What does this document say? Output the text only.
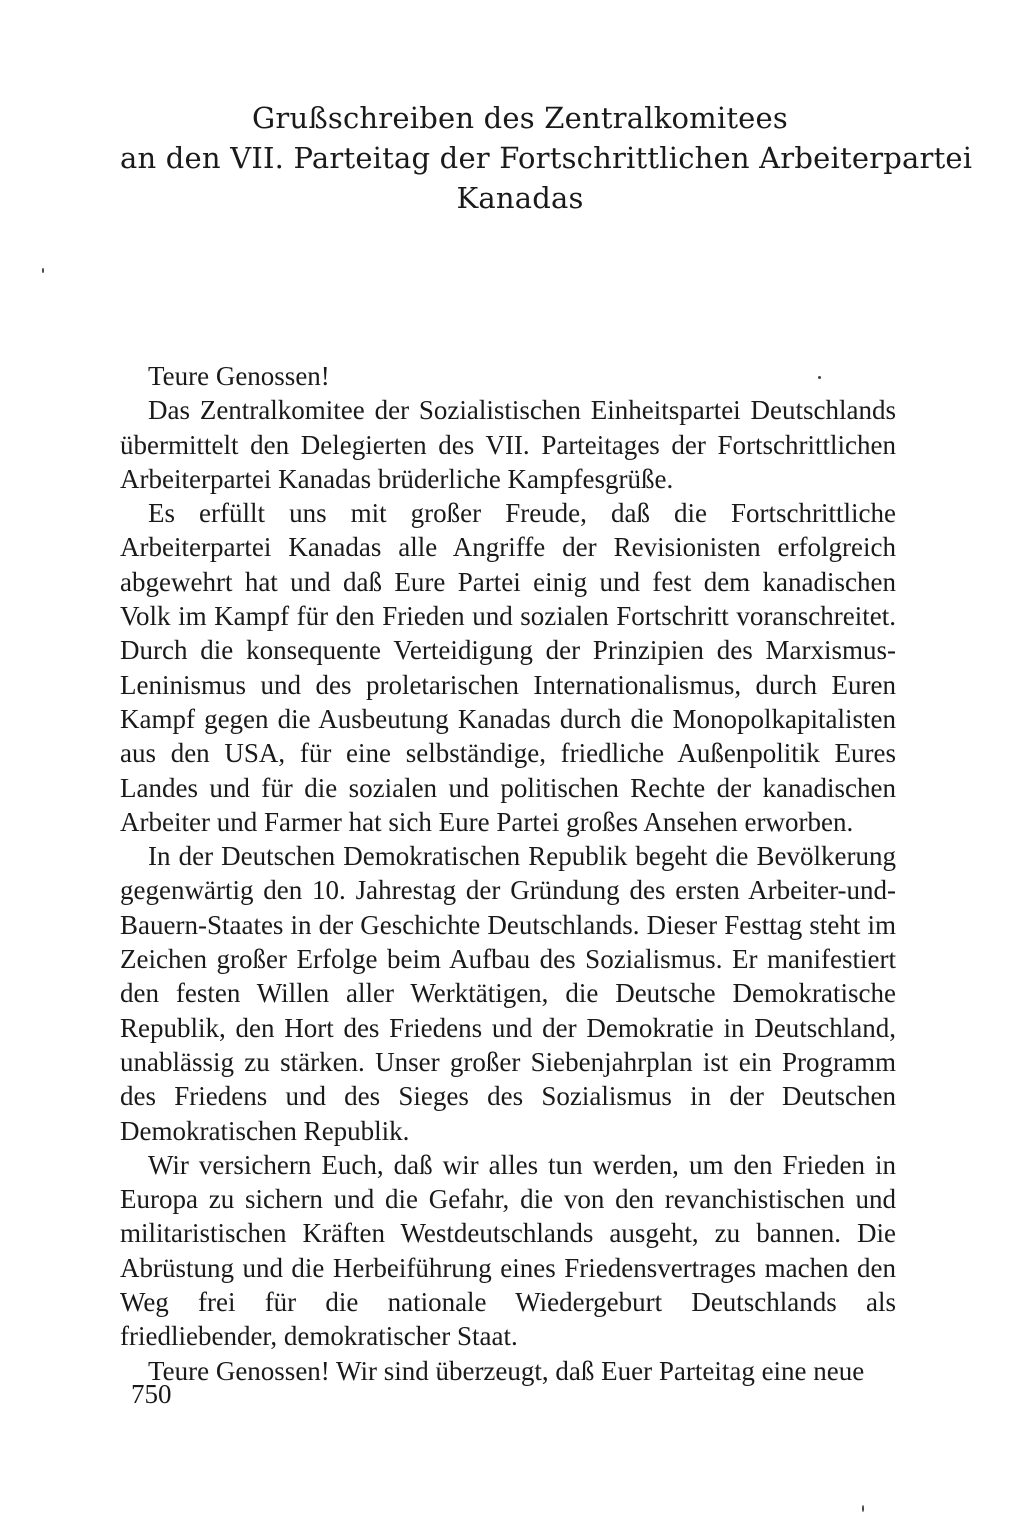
Grußschreiben des Zentralkomitees
an den VII. Parteitag der Fortschrittlichen Arbeiterpartei
Kanadas

Teure Genossen!

Das Zentralkomitee der Sozialistischen Einheitspartei Deutschlands übermittelt den Delegierten des VII. Parteitages der Fortschrittlichen Arbeiterpartei Kanadas brüderliche Kampfesgrüße.

Es erfüllt uns mit großer Freude, daß die Fortschrittliche Arbeiterpartei Kanadas alle Angriffe der Revisionisten erfolgreich abgewehrt hat und daß Eure Partei einig und fest dem kanadischen Volk im Kampf für den Frieden und sozialen Fortschritt voranschreitet. Durch die konsequente Verteidigung der Prinzipien des Marxismus-Leninismus und des proletarischen Internationalismus, durch Euren Kampf gegen die Ausbeutung Kanadas durch die Monopolkapitalisten aus den USA, für eine selbständige, friedliche Außenpolitik Eures Landes und für die sozialen und politischen Rechte der kanadischen Arbeiter und Farmer hat sich Eure Partei großes Ansehen erworben.

In der Deutschen Demokratischen Republik begeht die Bevölkerung gegenwärtig den 10. Jahrestag der Gründung des ersten Arbeiter-und-Bauern-Staates in der Geschichte Deutschlands. Dieser Festtag steht im Zeichen großer Erfolge beim Aufbau des Sozialismus. Er manifestiert den festen Willen aller Werktätigen, die Deutsche Demokratische Republik, den Hort des Friedens und der Demokratie in Deutschland, unablässig zu stärken. Unser großer Siebenjahrplan ist ein Programm des Friedens und des Sieges des Sozialismus in der Deutschen Demokratischen Republik.

Wir versichern Euch, daß wir alles tun werden, um den Frieden in Europa zu sichern und die Gefahr, die von den revanchistischen und militaristischen Kräften Westdeutschlands ausgeht, zu bannen. Die Abrüstung und die Herbeiführung eines Friedensvertrages machen den Weg frei für die nationale Wiedergeburt Deutschlands als friedliebender, demokratischer Staat.

Teure Genossen! Wir sind überzeugt, daß Euer Parteitag eine neue

750
